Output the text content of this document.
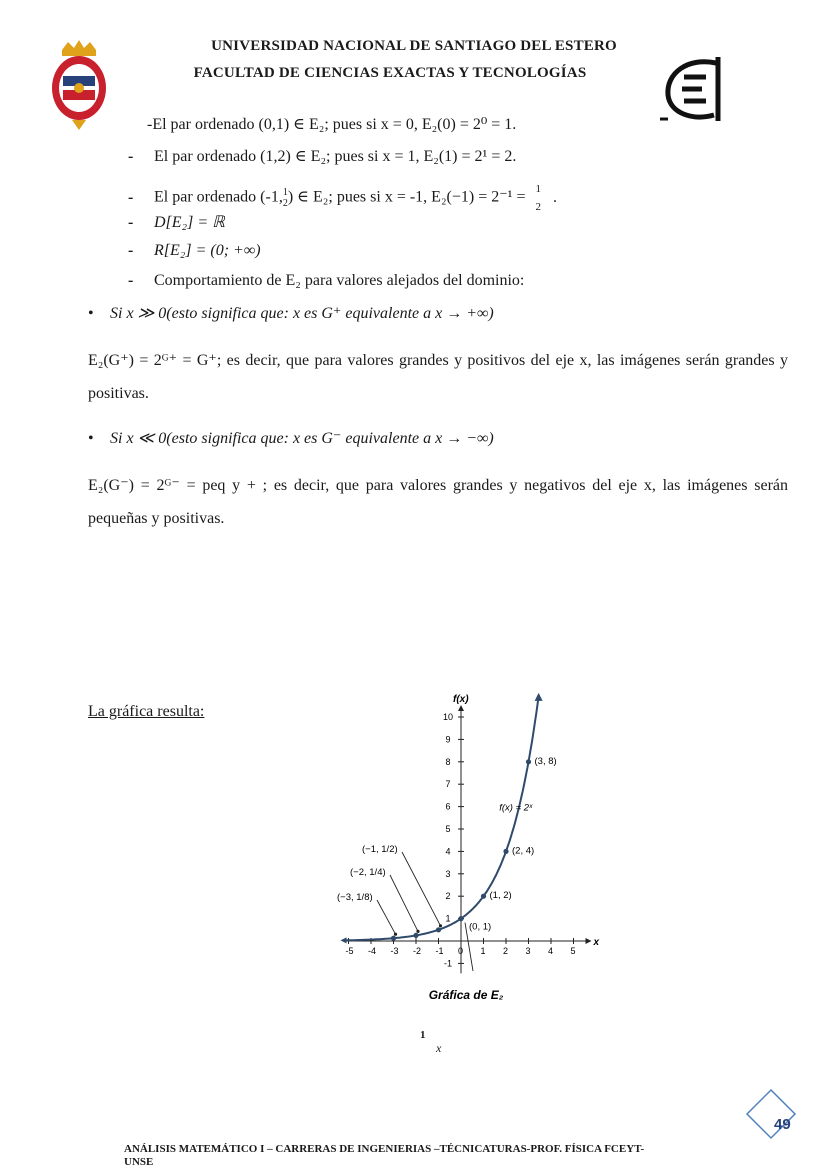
UNIVERSIDAD NACIONAL DE SANTIAGO DEL ESTERO
FACULTAD DE CIENCIAS EXACTAS Y TECNOLOGÍAS
-El par ordenado (0,1) ∈ E₂; pues si x = 0, E₂(0) = 2⁰ = 1.
- El par ordenado (1,2) ∈ E₂; pues si x = 1, E₂(1) = 2¹ = 2.
- El par ordenado (-1,1
2) ∈ E₂; pues si x = -1, E₂(−1) = 2⁻¹ = 1
2 .
- D[E₂] = ℝ
- R[E₂] = (0; +∞)
- Comportamiento de E₂ para valores alejados del dominio:
• Si x ≫ 0(esto significa que: x es G⁺ equivalente a x → +∞)
E₂(G⁺) = 2ᴳ⁺ = G⁺; es decir, que para valores grandes y positivos del eje x, las imágenes serán grandes y positivas.
• Si x ≪ 0(esto significa que: x es G⁻ equivalente a x → −∞)
E₂(G⁻) = 2ᴳ⁻ = peq y + ; es decir, que para valores grandes y negativos del eje x, las imágenes serán pequeñas y positivas.
La gráfica resulta:
x
f(x)
-5 -4 -3 -2 -1 0 1 2 3 4 5
-1
1
2
3
4
5
6
7
8
9
10
(0, 1)
(1, 2)
(2, 4)
(3, 8)
(−1, 1/2)
(−2, 1/4)
(−3, 1/8)
f(x) = 2ˣ
Gráfica de E₂
1
x
49
ANÁLISIS MATEMÁTICO I – CARRERAS DE INGENIERIAS –TÉCNICATURAS-PROF. FÍSICA FCEYT-
UNSE
